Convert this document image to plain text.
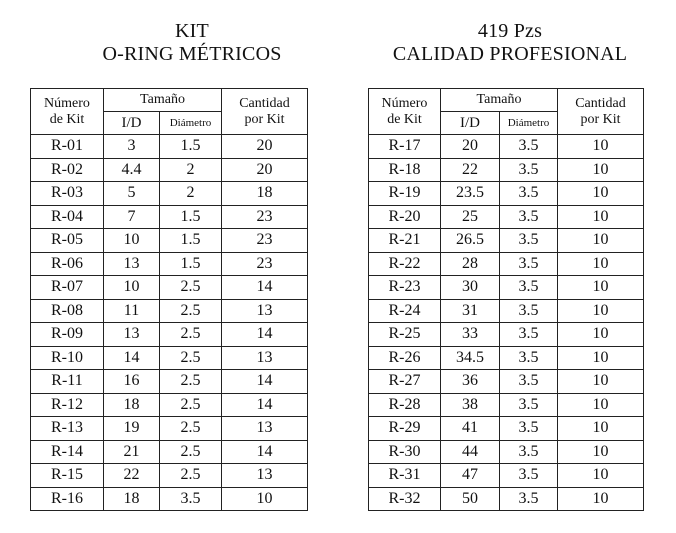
KIT
O-RING MÉTRICOS
419 Pzs
CALIDAD PROFESIONAL
Número
de Kit	Tamaño		Cantidad
por Kit
	I/D	Diámetro	
R-01	3	1.5	20
R-02	4.4	2	20
R-03	5	2	18
R-04	7	1.5	23
R-05	10	1.5	23
R-06	13	1.5	23
R-07	10	2.5	14
R-08	11	2.5	13
R-09	13	2.5	14
R-10	14	2.5	13
R-11	16	2.5	14
R-12	18	2.5	14
R-13	19	2.5	13
R-14	21	2.5	14
R-15	22	2.5	13
R-16	18	3.5	10
Número
de Kit	Tamaño		Cantidad
por Kit
	I/D	Diámetro	
R-17	20	3.5	10
R-18	22	3.5	10
R-19	23.5	3.5	10
R-20	25	3.5	10
R-21	26.5	3.5	10
R-22	28	3.5	10
R-23	30	3.5	10
R-24	31	3.5	10
R-25	33	3.5	10
R-26	34.5	3.5	10
R-27	36	3.5	10
R-28	38	3.5	10
R-29	41	3.5	10
R-30	44	3.5	10
R-31	47	3.5	10
R-32	50	3.5	10
